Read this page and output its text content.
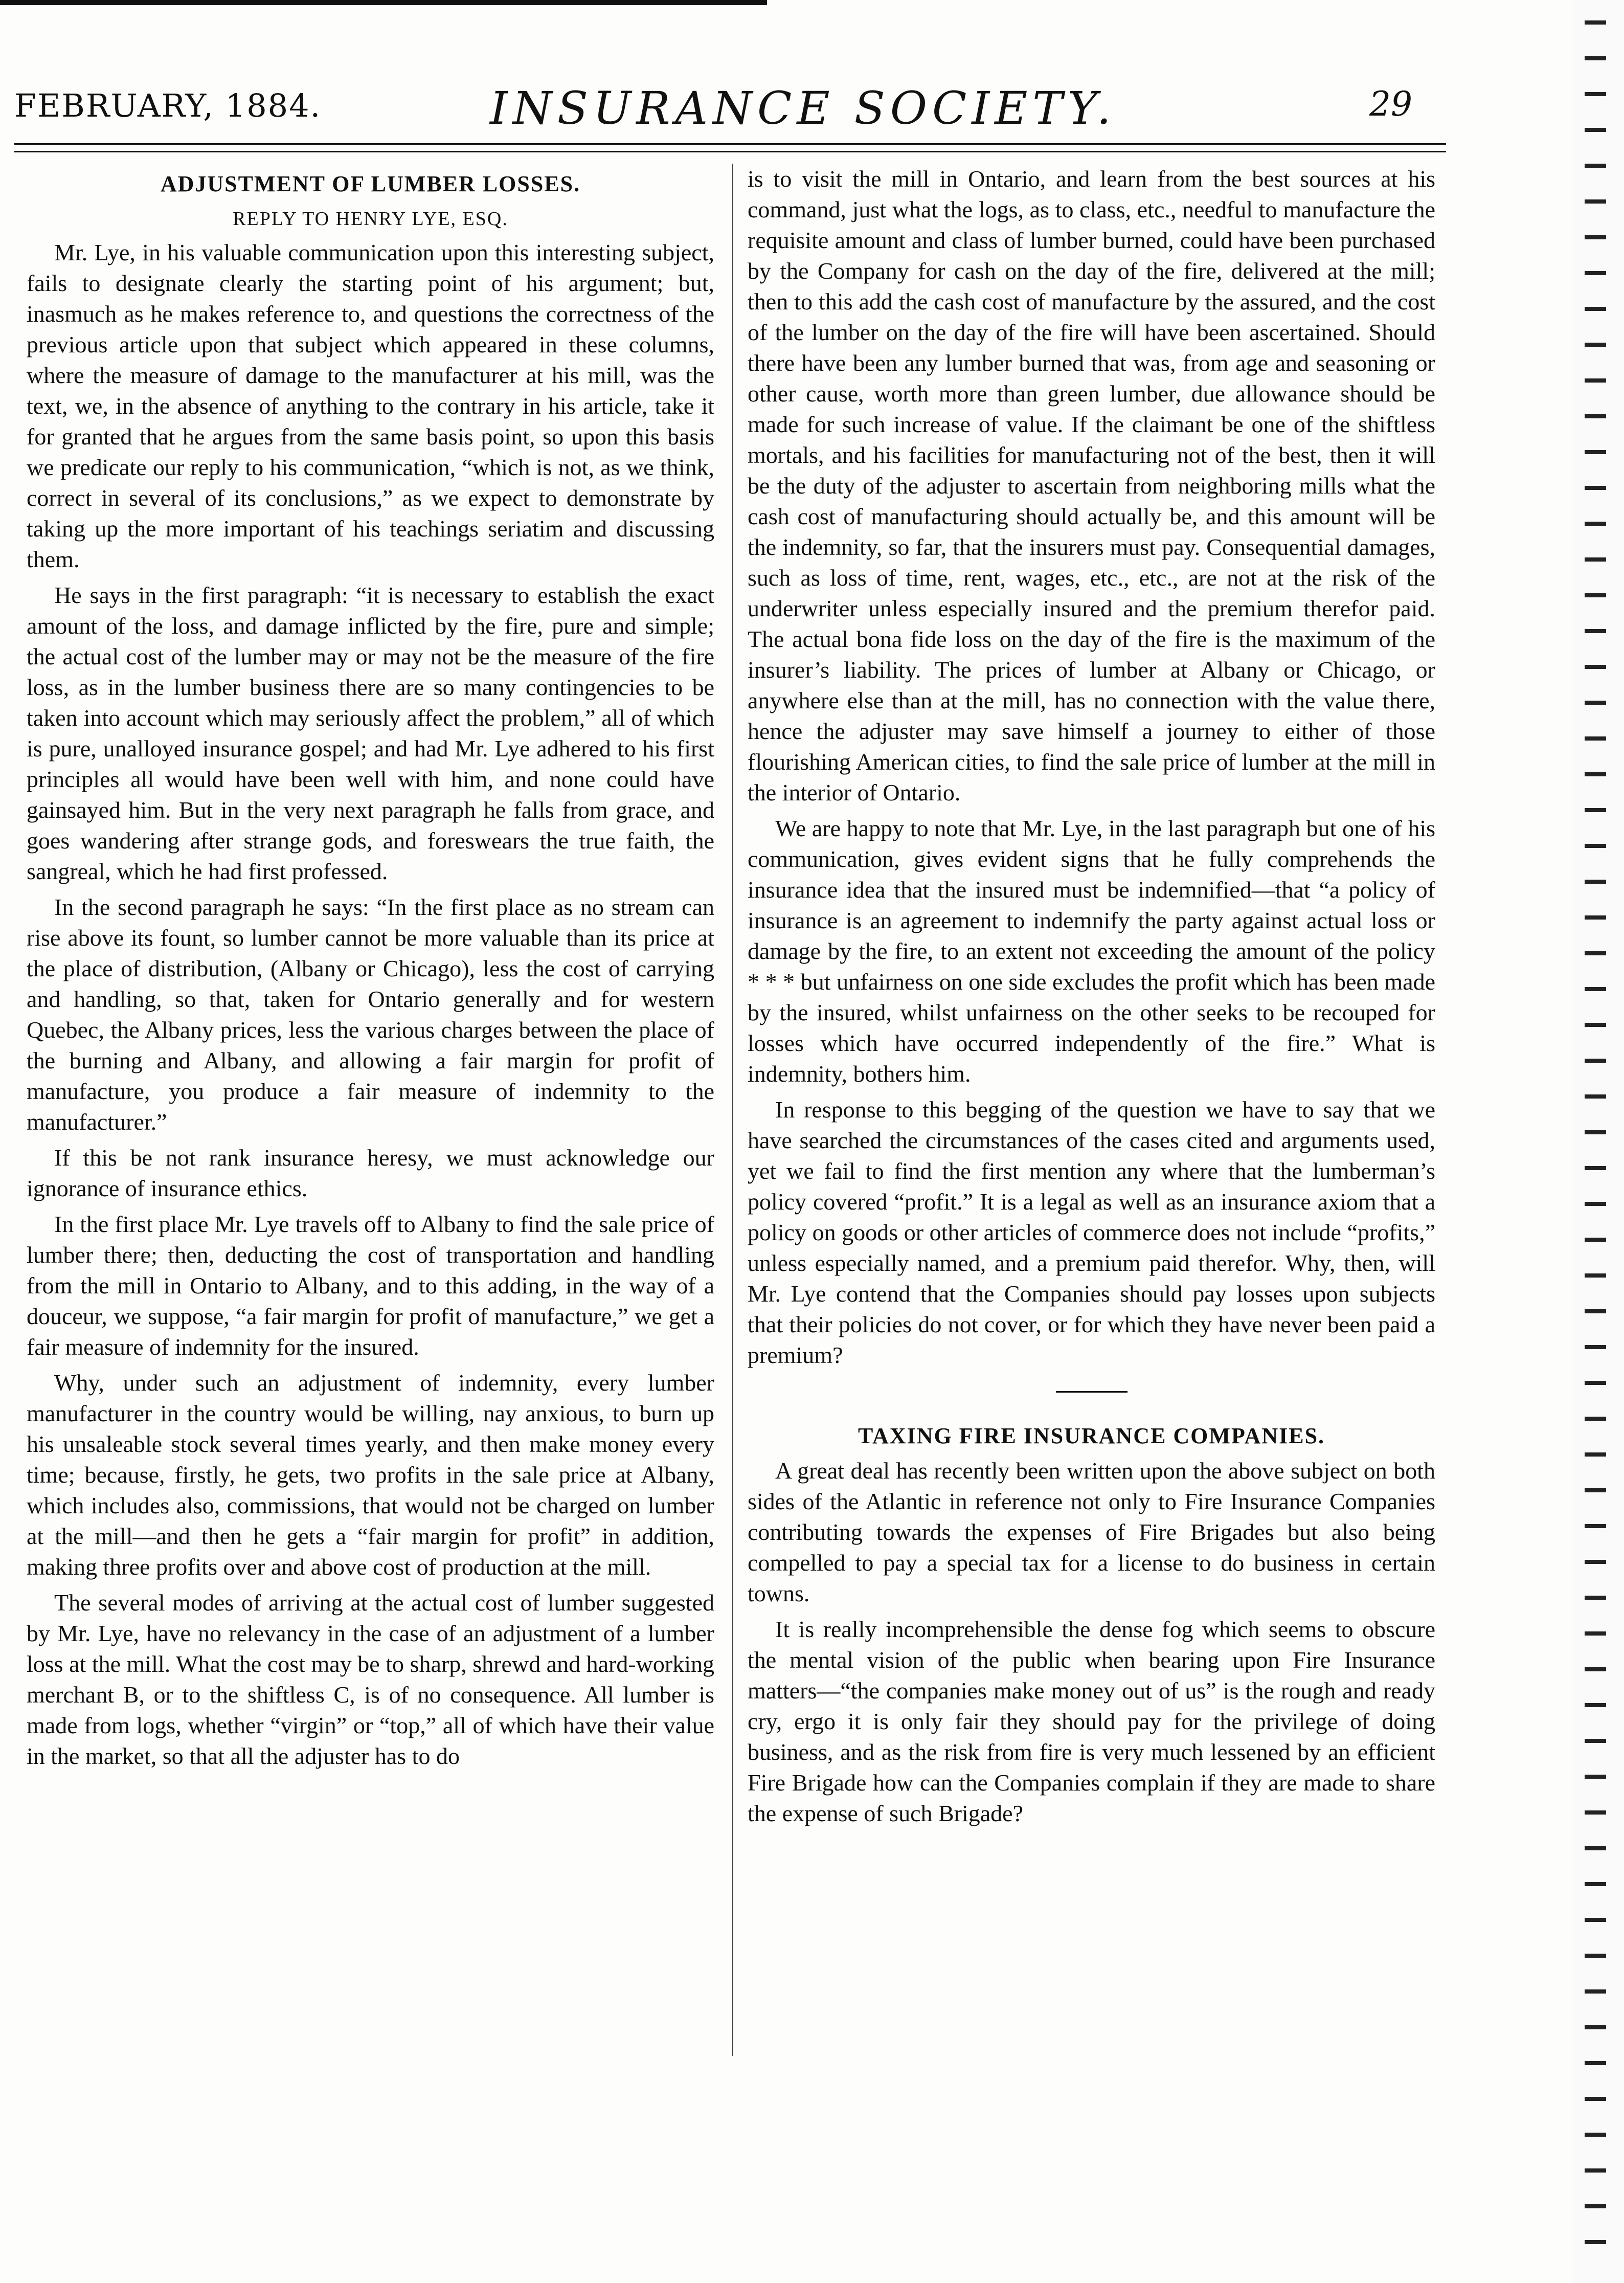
FEBRUARY, 1884.	INSURANCE SOCIETY.	29
ADJUSTMENT OF LUMBER LOSSES.
REPLY TO HENRY LYE, ESQ.

Mr. Lye, in his valuable communication upon this interesting subject, fails to designate clearly the starting point of his argument; but, inasmuch as he makes reference to, and questions the correctness of the previous article upon that subject which appeared in these columns, where the measure of damage to the manufacturer at his mill, was the text, we, in the absence of anything to the contrary in his article, take it for granted that he argues from the same basis point, so upon this basis we predicate our reply to his communication, “which is not, as we think, correct in several of its conclusions,” as we expect to demonstrate by taking up the more important of his teachings seriatim and discussing them.

He says in the first paragraph: “it is necessary to establish the exact amount of the loss, and damage inflicted by the fire, pure and simple; the actual cost of the lumber may or may not be the measure of the fire loss, as in the lumber business there are so many contingencies to be taken into account which may seriously affect the problem,” all of which is pure, unalloyed insurance gospel; and had Mr. Lye adhered to his first principles all would have been well with him, and none could have gainsayed him. But in the very next paragraph he falls from grace, and goes wandering after strange gods, and foreswears the true faith, the sangreal, which he had first professed.

In the second paragraph he says: “In the first place as no stream can rise above its fount, so lumber cannot be more valuable than its price at the place of distribution, (Albany or Chicago), less the cost of carrying and handling, so that, taken for Ontario generally and for western Quebec, the Albany prices, less the various charges between the place of the burning and Albany, and allowing a fair margin for profit of manufacture, you produce a fair measure of indemnity to the manufacturer.”

If this be not rank insurance heresy, we must acknowledge our ignorance of insurance ethics.

In the first place Mr. Lye travels off to Albany to find the sale price of lumber there; then, deducting the cost of transportation and handling from the mill in Ontario to Albany, and to this adding, in the way of a douceur, we suppose, “a fair margin for profit of manufacture,” we get a fair measure of indemnity for the insured.

Why, under such an adjustment of indemnity, every lumber manufacturer in the country would be willing, nay anxious, to burn up his unsaleable stock several times yearly, and then make money every time; because, firstly, he gets, two profits in the sale price at Albany, which includes also, commissions, that would not be charged on lumber at the mill—and then he gets a “fair margin for profit” in addition, making three profits over and above cost of production at the mill.

The several modes of arriving at the actual cost of lumber suggested by Mr. Lye, have no relevancy in the case of an adjustment of a lumber loss at the mill. What the cost may be to sharp, shrewd and hard-working merchant B, or to the shiftless C, is of no consequence. All lumber is made from logs, whether “virgin” or “top,” all of which have their value in the market, so that all the adjuster has to do

is to visit the mill in Ontario, and learn from the best sources at his command, just what the logs, as to class, etc., needful to manufacture the requisite amount and class of lumber burned, could have been purchased by the Company for cash on the day of the fire, delivered at the mill; then to this add the cash cost of manufacture by the assured, and the cost of the lumber on the day of the fire will have been ascertained. Should there have been any lumber burned that was, from age and seasoning or other cause, worth more than green lumber, due allowance should be made for such increase of value. If the claimant be one of the shiftless mortals, and his facilities for manufacturing not of the best, then it will be the duty of the adjuster to ascertain from neighboring mills what the cash cost of manufacturing should actually be, and this amount will be the indemnity, so far, that the insurers must pay. Consequential damages, such as loss of time, rent, wages, etc., etc., are not at the risk of the underwriter unless especially insured and the premium therefor paid. The actual bona fide loss on the day of the fire is the maximum of the insurer’s liability. The prices of lumber at Albany or Chicago, or anywhere else than at the mill, has no connection with the value there, hence the adjuster may save himself a journey to either of those flourishing American cities, to find the sale price of lumber at the mill in the interior of Ontario.

We are happy to note that Mr. Lye, in the last paragraph but one of his communication, gives evident signs that he fully comprehends the insurance idea that the insured must be indemnified—that “a policy of insurance is an agreement to indemnify the party against actual loss or damage by the fire, to an extent not exceeding the amount of the policy * * * but unfairness on one side excludes the profit which has been made by the insured, whilst unfairness on the other seeks to be recouped for losses which have occurred independently of the fire.” What is indemnity, bothers him.

In response to this begging of the question we have to say that we have searched the circumstances of the cases cited and arguments used, yet we fail to find the first mention any where that the lumberman’s policy covered “profit.” It is a legal as well as an insurance axiom that a policy on goods or other articles of commerce does not include “profits,” unless especially named, and a premium paid therefor. Why, then, will Mr. Lye contend that the Companies should pay losses upon subjects that their policies do not cover, or for which they have never been paid a premium?

TAXING FIRE INSURANCE COMPANIES.

A great deal has recently been written upon the above subject on both sides of the Atlantic in reference not only to Fire Insurance Companies contributing towards the expenses of Fire Brigades but also being compelled to pay a special tax for a license to do business in certain towns.

It is really incomprehensible the dense fog which seems to obscure the mental vision of the public when bearing upon Fire Insurance matters—“the companies make money out of us” is the rough and ready cry, ergo it is only fair they should pay for the privilege of doing business, and as the risk from fire is very much lessened by an efficient Fire Brigade how can the Companies complain if they are made to share the expense of such Brigade?
